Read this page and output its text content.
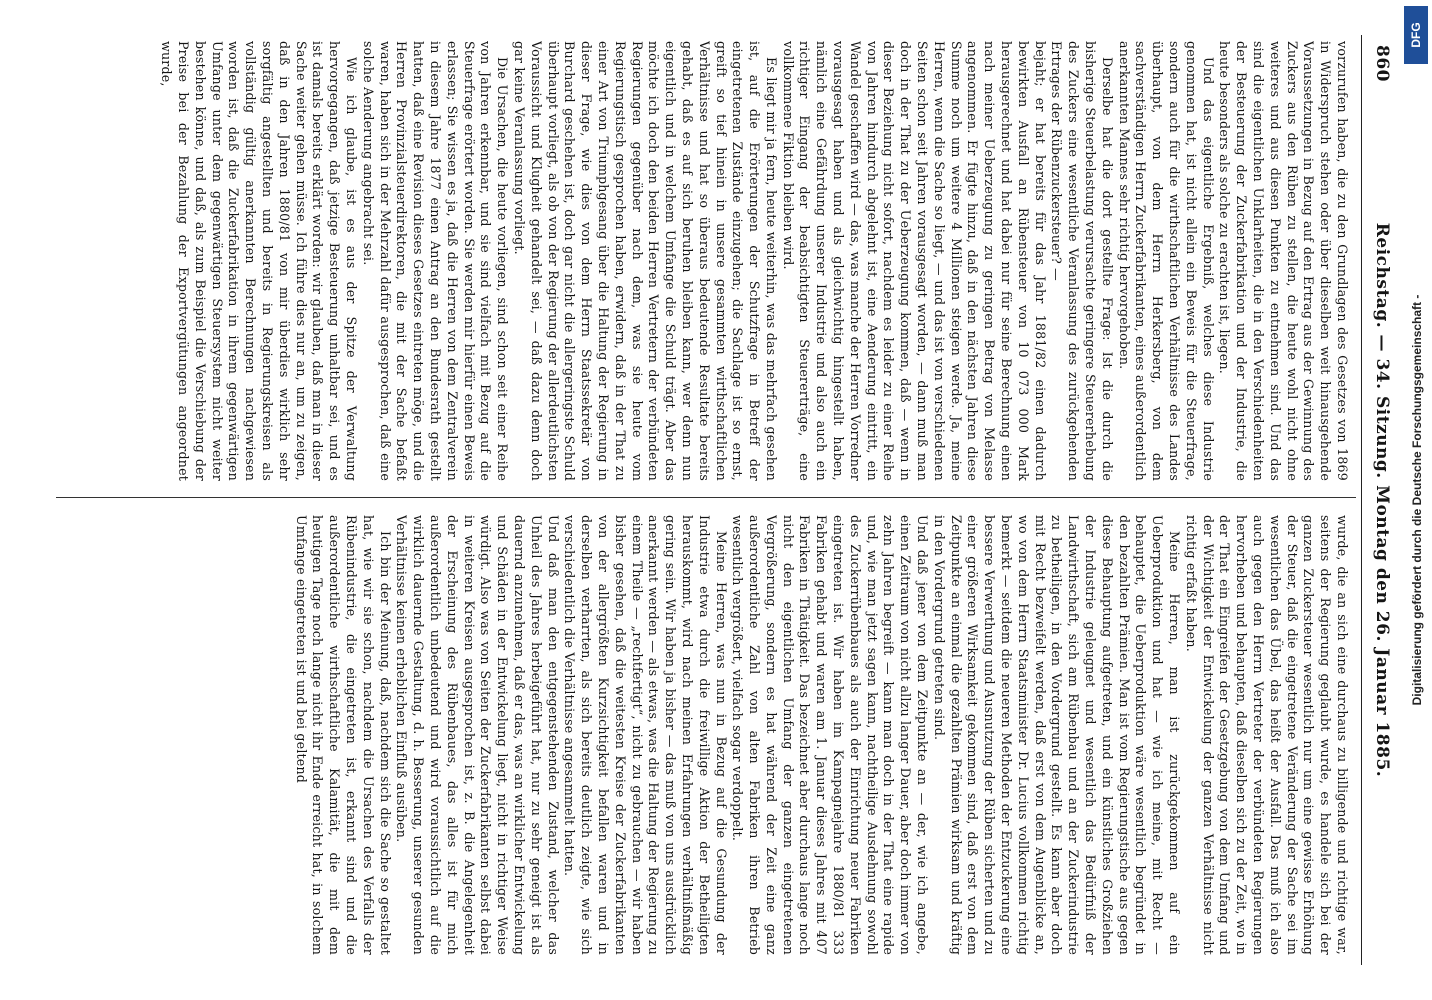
860
Reichstag. — 34. Sitzung. Montag den 26. Januar 1885.

vorzurufen haben, die zu den Grundlagen des Gesetzes von 1869 in Widerspruch stehen oder über dieselben weit hinausgehende Voraussetzungen in Bezug auf den Ertrag aus der Gewinnung des Zuckers aus den Rüben zu stellen, die heute wohl nicht ohne weiteres und aus diesen Punkten zu entnehmen sind. Und das sind die eigentlichen Unklarheiten, die in den Verschiedenheiten der Besteuerung der Zuckerfabrikation und der Industrie, die heute besonders als solche zu erachten ist, liegen.

Und das eigentliche Ergebniß, welches diese Industrie genommen hat, ist nicht allein ein Beweis für die Steuerfrage, sondern auch für die wirthschaftlichen Verhältnisse des Landes überhaupt, von dem Herrn Herkersberg, von dem sachverständigen Herrn Zuckerfabrikanten, eines außerordentlich anerkannten Mannes sehr richtig hervorgehoben.

Derselbe hat die dort gestellte Frage: Ist die durch die bisherige Steuerbelastung verursachte geringere Steuererhebung des Zuckers eine wesentliche Veranlassung des zurückgehenden Ertrages der Rübenzuckersteuer? —

bejaht; er hat bereits für das Jahr 1881/82 einen dadurch bewirkten Ausfall an Rübensteuer von 10 073 000 Mark herausgerechnet und hat dabei nur für seine Berechnung einen nach meiner Ueberzeugung zu geringen Betrag von Melasse angenommen. Er fügte hinzu, daß in den nächsten Jahren diese Summe noch um weitere 4 Millionen steigen werde. Ja, meine Herren, wenn die Sache so liegt, — und das ist von verschiedenen Seiten schon seit Jahren vorausgesagt worden, — dann muß man doch in der That zu der Ueberzeugung kommen, daß — wenn in dieser Beziehung nicht sofort, nachdem es leider zu einer Reihe von Jahren hindurch abgelehnt ist, eine Aenderung eintritt, ein Wandel geschaffen wird — das, was manche der Herren Vorredner vorausgesagt haben und als gleichwichtig hingestellt haben, nämlich eine Gefährdung unserer Industrie und also auch ein richtiger Eingang der beabsichtigten Steuererträge, eine vollkommene Fiktion bleiben wird.

Es liegt mir ja fern, heute weiterhin, was das mehrfach gesehen ist, auf die Erörterungen der Schutzfrage in Betreff der eingetretenen Zustände einzugehen; die Sachlage ist so ernst, greift so tief hinein in unsere gesammten wirthschaftlichen Verhältnisse und hat so überaus bedeutende Resultate bereits gehabt, daß es auf sich beruhen bleiben kann, wer denn nun eigentlich und in welchem Umfange die Schuld trägt. Aber das möchte ich doch den beiden Herren Vertretern der verbündeten Regierungen gegenüber nach dem, was sie heute vom Regierungstisch gesprochen haben, erwidern, daß in der That zu einer Art von Triumphgesang über die Haltung der Regierung in dieser Frage, wie dies von dem Herrn Staatssekretär von Burchard geschehen ist, doch gar nicht die allergeringste Schuld überhaupt vorliegt, als ob von der Regierung der allerdeutlichsten Voraussicht und Klugheit gehandelt sei, — daß dazu denn doch gar keine Veranlassung vorliegt.

Die Ursachen, die heute vorliegen, sind schon seit einer Reihe von Jahren erkennbar, und sie sind vielfach mit Bezug auf die Steuerfrage erörtert worden. Sie werden mir hierfür einen Beweis erlassen; Sie wissen es ja, daß die Herren von dem Zentralverein in diesem Jahre 1877 einen Antrag an den Bundesrath gestellt hatten, daß eine Revision dieses Gesetzes eintreten möge, und die Herren Provinzialsteuerdirektoren, die mit der Sache befaßt waren, haben sich in der Mehrzahl dafür ausgesprochen, daß eine solche Aenderung angebracht sei.

Wie ich glaube, ist es aus der Spitze der Verwaltung hervorgegangen, daß jetzige Besteuerung unhaltbar sei, und es ist damals bereits erklärt worden: wir glauben, daß man in dieser Sache weiter gehen müsse. Ich führe dies nur an, um zu zeigen, daß in den Jahren 1880/81 von mir überdies wirklich sehr sorgfältig angestellten und bereits in Regierungskreisen als vollständig gültig anerkannten Berechnungen nachgewiesen worden ist, daß die Zuckerfabrikation in ihrem gegenwärtigen Umfange unter dem gegenwärtigen Steuersystem nicht weiter bestehen könne, und daß, als zum Beispiel die Verschiebung der Preise bei der Bezahlung der Exportvergütungen angeordnet wurde,

wurde, die an sich eine durchaus zu billigende und richtige war, seitens der Regierung geglaubt wurde, es handele sich bei der ganzen Zuckersteuer wesentlich nur um eine gewisse Erhöhung der Steuer, daß die eingetretene Veränderung der Sache sei im wesentlichen das Übel, das heißt der Ausfall. Das muß ich also auch gegen den Herrn Vertreter der verbündeten Regierungen hervorheben und behaupten, daß dieselben sich zu der Zeit, wo in der That ein Eingreifen der Gesetzgebung von dem Umfang und der Wichtigkeit der Entwickelung der ganzen Verhältnisse nicht richtig erfaßt haben.

Meine Herren, man ist zurückgekommen auf ein Ueberproduktion und hat — wie ich meine, mit Recht — behauptet, die Ueberproduktion wäre wesentlich begründet in den bezahlten Prämien. Man ist vom Regierungstische aus gegen diese Behauptung aufgetreten, und ein künstliches Großziehen der Industrie geleugnet und wesentlich das Bedürfniß der Landwirthschaft, sich am Rübenbau und an der Zuckerindustrie zu betheiligen, in den Vordergrund gestellt. Es kann aber doch mit Recht bezweifelt werden, daß erst von dem Augenblicke an, wo von dem Herrn Staatsminister Dr. Lucius vollkommen richtig bemerkt — seitdem die neueren Methoden der Entzuckerung eine bessere Verwerthung und Ausnutzung der Rüben sicherten und zu einer größeren Wirksamkeit gekommen sind, daß erst von dem Zeitpunkte an einmal die gezahlten Prämien wirksam und kräftig in den Vordergrund getreten sind.

Und daß jener von dem Zeitpunkte an — der, wie ich angebe, einen Zeitraum von nicht allzu langer Dauer, aber doch immer von zehn Jahren begreift — kann man doch in der That eine rapide und, wie man jetzt sagen kann, nachtheilige Ausdehnung sowohl des Zuckerrübenbaues als auch der Einrichtung neuer Fabriken eingetreten ist. Wir haben im Kampagnejahre 1880/81 333 Fabriken gehabt und waren am 1. Januar dieses Jahres mit 407 Fabriken in Thätigkeit. Das bezeichnet aber durchaus lange noch nicht den eigentlichen Umfang der ganzen eingetretenen Vergrößerung, sondern es hat während der Zeit eine ganz außerordentliche Zahl von alten Fabriken ihren Betrieb wesentlich vergrößert, vielfach sogar verdoppelt.

Meine Herren, was nun in Bezug auf die Gesundung der Industrie etwa durch die freiwillige Aktion der Betheiligten herauskommt, wird nach meinen Erfahrungen verhältnißmäßig gering sein. Wir haben ja bisher — das muß von uns ausdrücklich anerkannt werden — als etwas, was die Haltung der Regierung zu einem Theile — „rechtfertigt“, nicht zu gebrauchen — wir haben bisher gesehen, daß die weitesten Kreise der Zuckerfabrikanten von der allergrößten Kurzsichtigkeit befallen waren und in derselben verharrten, als sich bereits deutlich zeigte, wie sich verschiedentlich die Verhältnisse angesammelt hatten.

Und daß man den entgegenstehenden Zustand, welcher das Unheil des Jahres herbeigeführt hat, nur zu sehr geneigt ist als dauernd anzunehmen, daß er das, was an wirklicher Entwickelung und Schäden in der Entwickelung liegt, nicht in richtiger Weise würdigt. Also was von Seiten der Zuckerfabrikanten selbst dabei in weiteren Kreisen ausgesprochen ist, z. B. die Angelegenheit der Erscheinung des Rübenbaues, das alles ist für mich außerordentlich unbedeutend und wird voraussichtlich auf die wirklich dauernde Gestaltung, d. h. Besserung, unserer gesunden Verhältnisse keinen erheblichen Einfluß ausüben.

Ich bin der Meinung, daß, nachdem sich die Sache so gestaltet hat, wie wir sie schon, nachdem die Ursachen des Verfalls der Rübenindustrie, die eingetreten ist, erkannt sind und die außerordentliche wirthschaftliche Kalamität, die mit dem heutigen Tage noch lange nicht ihr Ende erreicht hat, in solchem Umfange eingetreten ist und bei geltend	Digitalisierung gefördert durch die Deutsche Forschungsgemeinschaft -
DFG
